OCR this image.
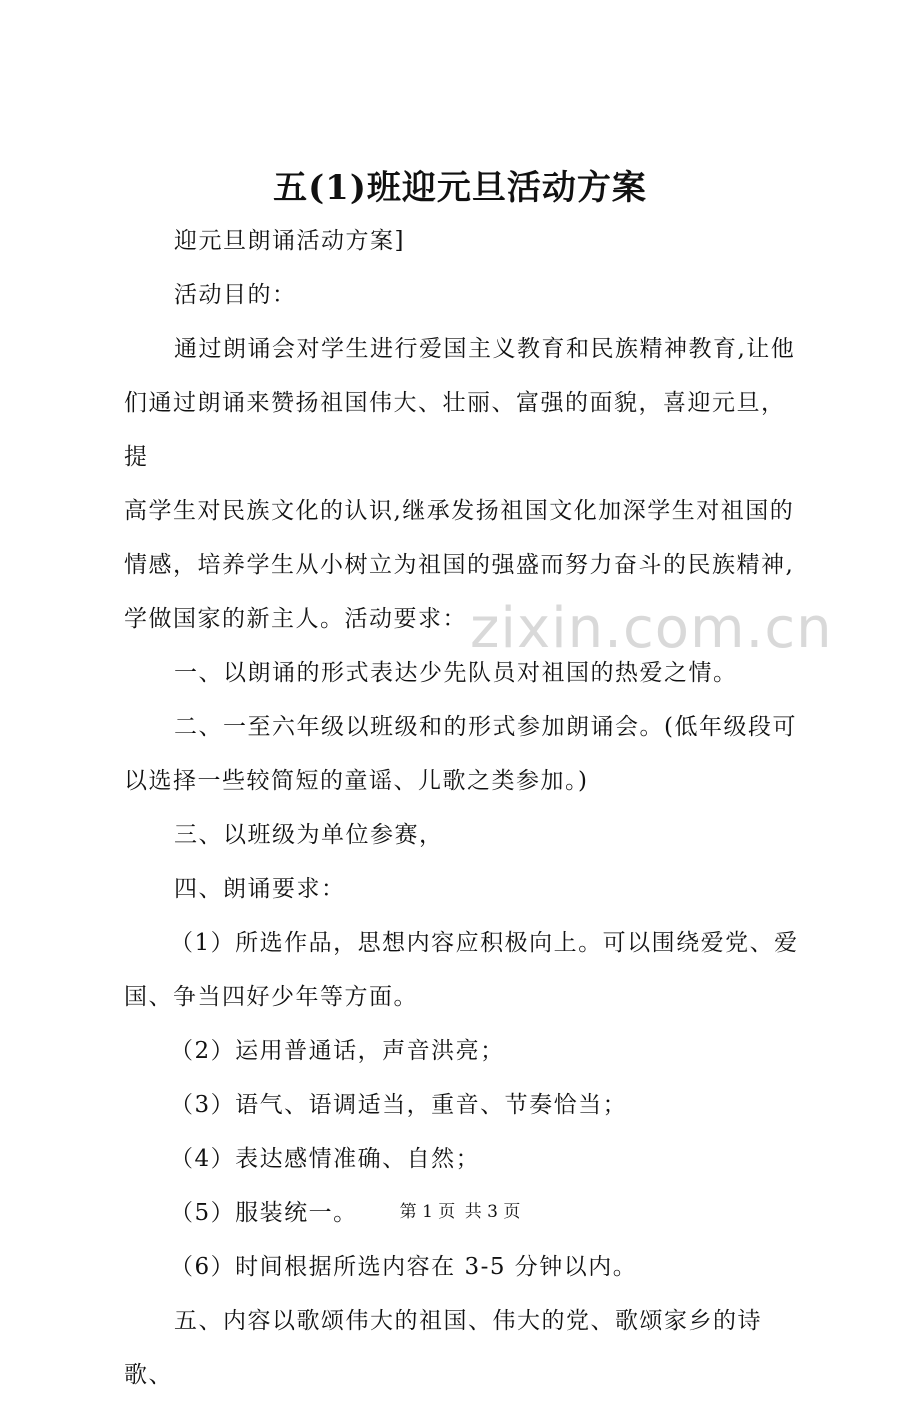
zixin.com.cn
五(1)班迎元旦活动方案

迎元旦朗诵活动方案]

活动目的：

通过朗诵会对学生进行爱国主义教育和民族精神教育,让他
们通过朗诵来赞扬祖国伟大、壮丽、富强的面貌，喜迎元旦，提
高学生对民族文化的认识,继承发扬祖国文化加深学生对祖国的
情感，培养学生从小树立为祖国的强盛而努力奋斗的民族精神,
学做国家的新主人。活动要求：

一、以朗诵的形式表达少先队员对祖国的热爱之情。

二、一至六年级以班级和的形式参加朗诵会。(低年级段可
以选择一些较简短的童谣、儿歌之类参加。)

三、以班级为单位参赛，

四、朗诵要求：

（1）所选作品，思想内容应积极向上。可以围绕爱党、爱
国、争当四好少年等方面。

（2）运用普通话，声音洪亮；

（3）语气、语调适当，重音、节奏恰当；

（4）表达感情准确、自然；

（5）服装统一。

（6）时间根据所选内容在 3-5 分钟以内。

五、内容以歌颂伟大的祖国、伟大的党、歌颂家乡的诗歌、

第 1 页 共 3 页
